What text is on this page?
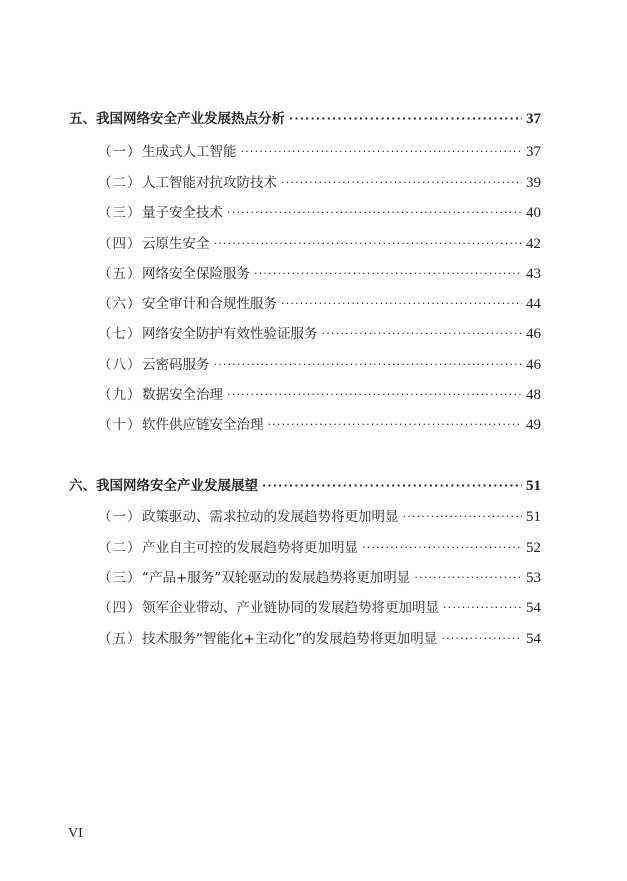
五、我国网络安全产业发展热点分析 ·····	37
（一）生成式人工智能 ·····	37
（二）人工智能对抗攻防技术 ·····	39
（三）量子安全技术 ·····	40
（四）云原生安全 ·····	42
（五）网络安全保险服务 ·····	43
（六）安全审计和合规性服务 ·····	44
（七）网络安全防护有效性验证服务 ·····	46
（八）云密码服务 ·····	46
（九）数据安全治理 ·····	48
（十）软件供应链安全治理 ·····	49
六、我国网络安全产业发展展望 ·····	51
（一）政策驱动、需求拉动的发展趋势将更加明显 ·····	51
（二）产业自主可控的发展趋势将更加明显 ·····	52
（三）“产品+服务”双轮驱动的发展趋势将更加明显 ·····	53
（四）领军企业带动、产业链协同的发展趋势将更加明显 ·····	54
（五）技术服务“智能化+主动化”的发展趋势将更加明显 ·····	54
VI
